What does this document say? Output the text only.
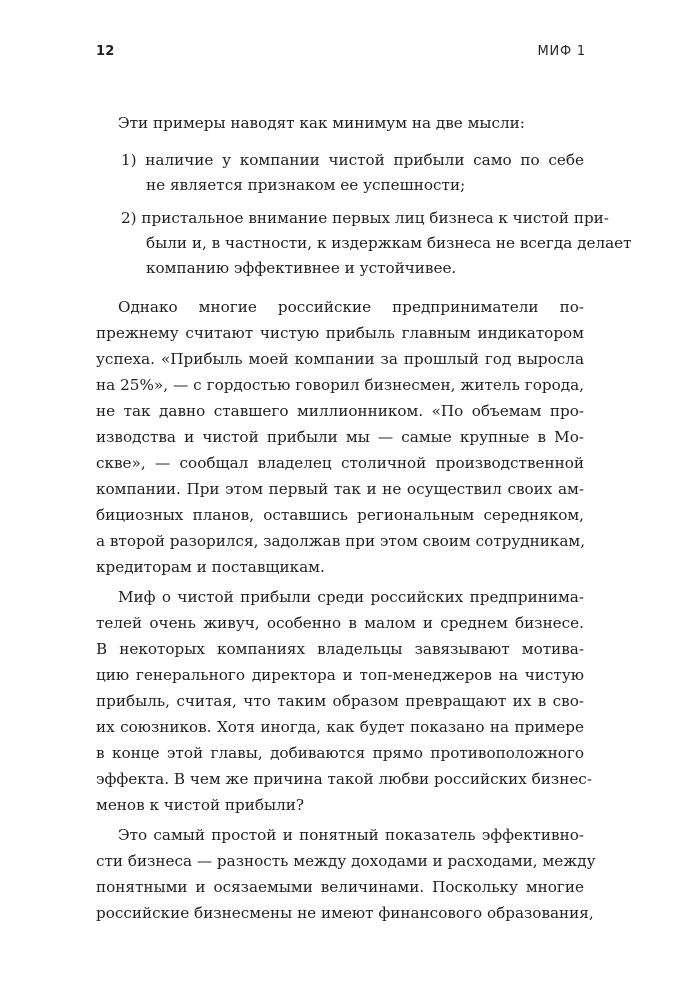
12	МИФ 1
Эти примеры наводят как минимум на две мысли:
1) наличие у компании чистой прибыли само по себе
не является признаком ее успешности;
2) пристальное внимание первых лиц бизнеса к чистой при-
были и, в частности, к издержкам бизнеса не всегда делает
компанию эффективнее и устойчивее.
Однако многие российские предприниматели по-
прежнему считают чистую прибыль главным индикатором
успеха. «Прибыль моей компании за прошлый год выросла
на 25%», — с гордостью говорил бизнесмен, житель города,
не так давно ставшего миллионником. «По объемам про-
изводства и чистой прибыли мы — самые крупные в Мо-
скве», — сообщал владелец столичной производственной
компании. При этом первый так и не осуществил своих ам-
бициозных планов, оставшись региональным середняком,
а второй разорился, задолжав при этом своим сотрудникам,
кредиторам и поставщикам.
Миф о чистой прибыли среди российских предпринима-
телей очень живуч, особенно в малом и среднем бизнесе.
В некоторых компаниях владельцы завязывают мотива-
цию генерального директора и топ-менеджеров на чистую
прибыль, считая, что таким образом превращают их в сво-
их союзников. Хотя иногда, как будет показано на примере
в конце этой главы, добиваются прямо противоположного
эффекта. В чем же причина такой любви российских бизнес-
менов к чистой прибыли?
Это самый простой и понятный показатель эффективно-
сти бизнеса — разность между доходами и расходами, между
понятными и осязаемыми величинами. Поскольку многие
российские бизнесмены не имеют финансового образования,
